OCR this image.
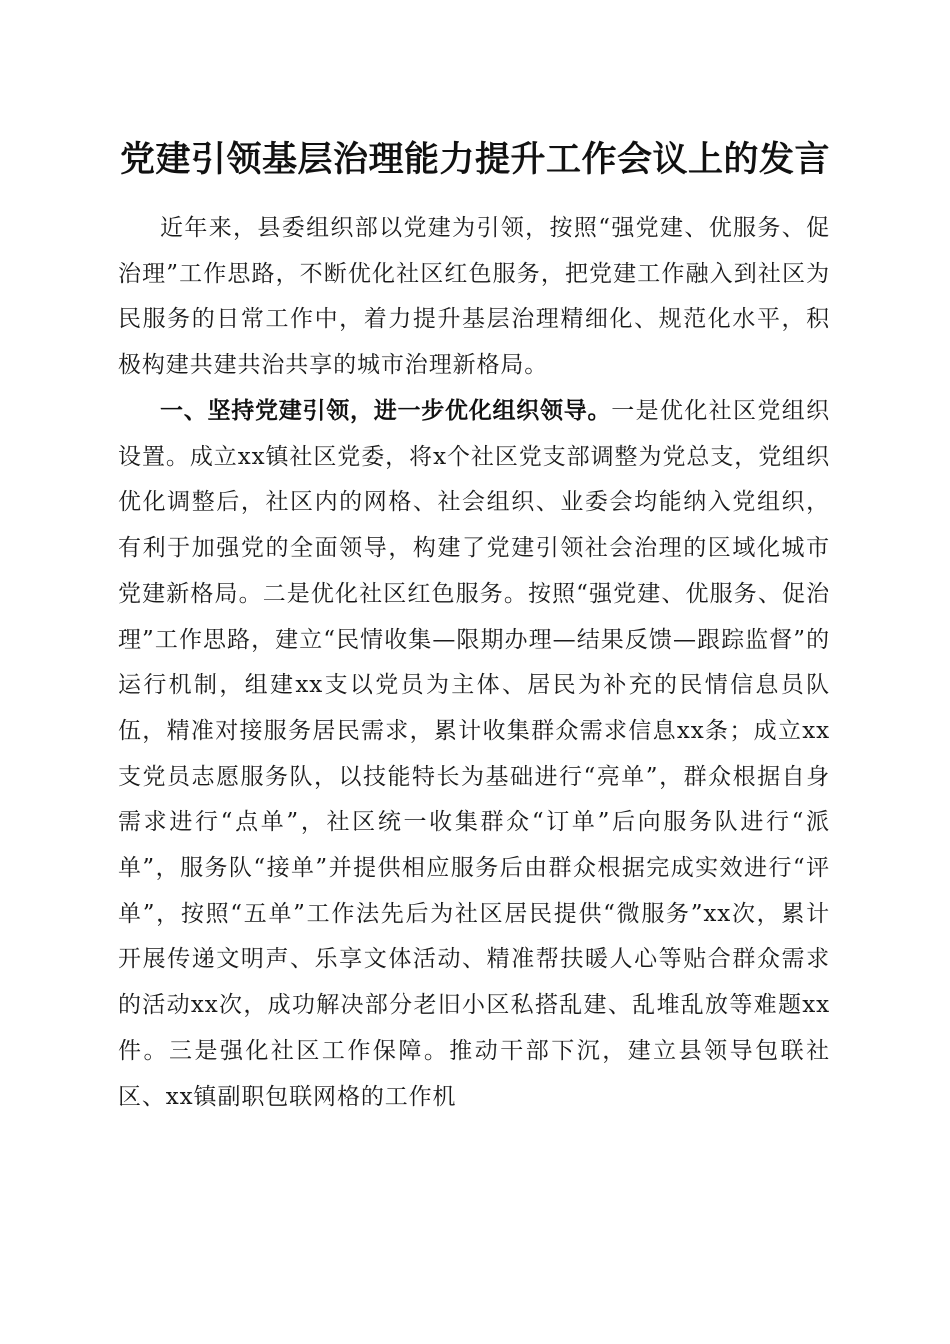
党建引领基层治理能力提升工作会议上的发言

近年来，县委组织部以党建为引领，按照“强党建、优服务、促治理”工作思路，不断优化社区红色服务，把党建工作融入到社区为民服务的日常工作中，着力提升基层治理精细化、规范化水平，积极构建共建共治共享的城市治理新格局。

一、坚持党建引领，进一步优化组织领导。一是优化社区党组织设置。成立xx镇社区党委，将x个社区党支部调整为党总支，党组织优化调整后，社区内的网格、社会组织、业委会均能纳入党组织，有利于加强党的全面领导，构建了党建引领社会治理的区域化城市党建新格局。二是优化社区红色服务。按照“强党建、优服务、促治理”工作思路，建立“民情收集—限期办理—结果反馈—跟踪监督”的运行机制，组建xx支以党员为主体、居民为补充的民情信息员队伍，精准对接服务居民需求，累计收集群众需求信息xx条；成立xx支党员志愿服务队，以技能特长为基础进行“亮单”，群众根据自身需求进行“点单”，社区统一收集群众“订单”后向服务队进行“派单”，服务队“接单”并提供相应服务后由群众根据完成实效进行“评单”，按照“五单”工作法先后为社区居民提供“微服务”xx次，累计开展传递文明声、乐享文体活动、精准帮扶暖人心等贴合群众需求的活动xx次，成功解决部分老旧小区私搭乱建、乱堆乱放等难题xx件。三是强化社区工作保障。推动干部下沉，建立县领导包联社区、xx镇副职包联网格的工作机
